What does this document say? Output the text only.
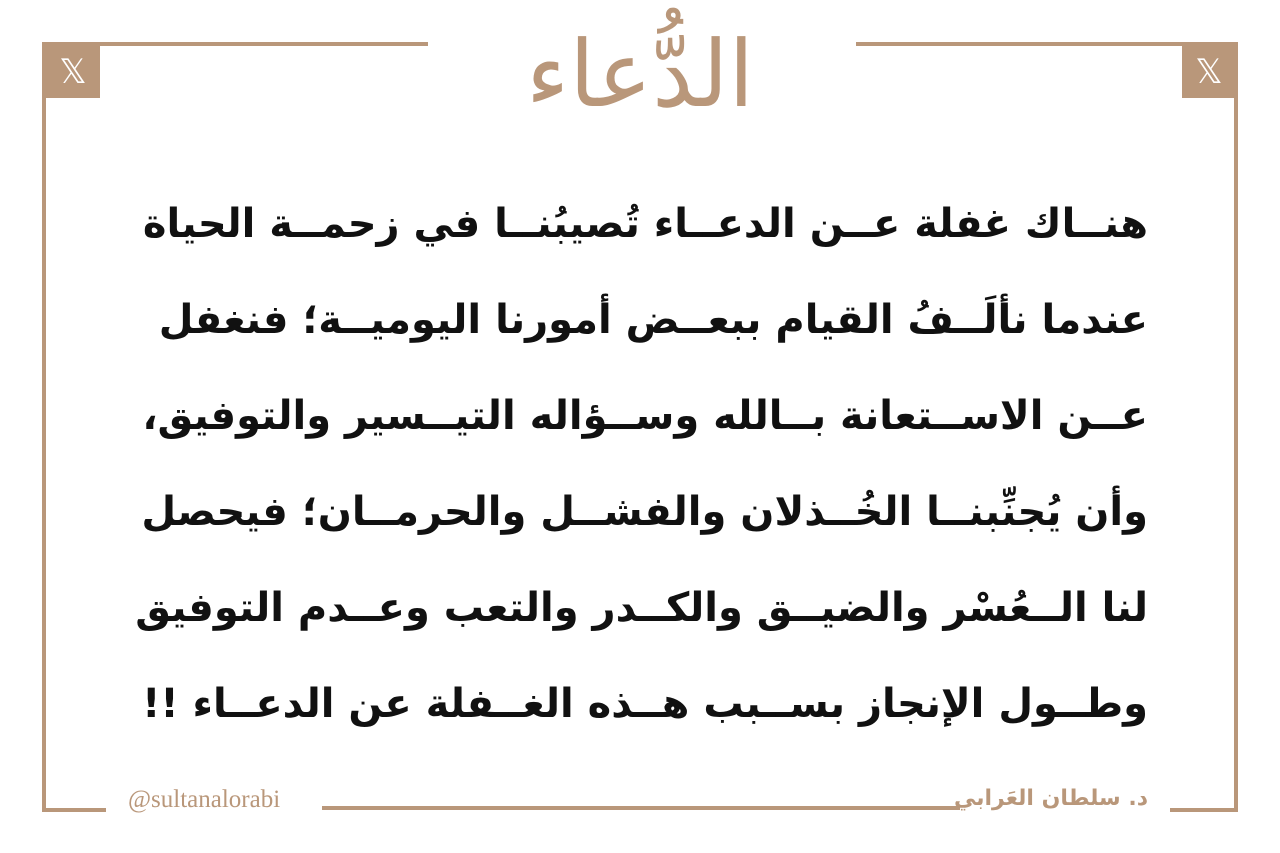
𝕏	𝕏
الدُّعاء
هنــاك غفلة عــن الدعــاء تُصيبُنــا في زحمــة الحياة
عندما نألَــفُ القيام ببعــض أمورنا اليوميــة؛ فنغفل
عــن الاســتعانة بــالله وســؤاله التيــسير والتوفيق،
وأن يُجنِّبنــا الخُــذلان والفشــل والحرمــان؛ فيحصل
لنا الــعُسْر والضيــق والكــدر والتعب وعــدم التوفيق
وطــول الإنجاز بســبب هــذه الغــفلة عن الدعــاء !!
@sultanalorabi	د. سلطان العَرابي
